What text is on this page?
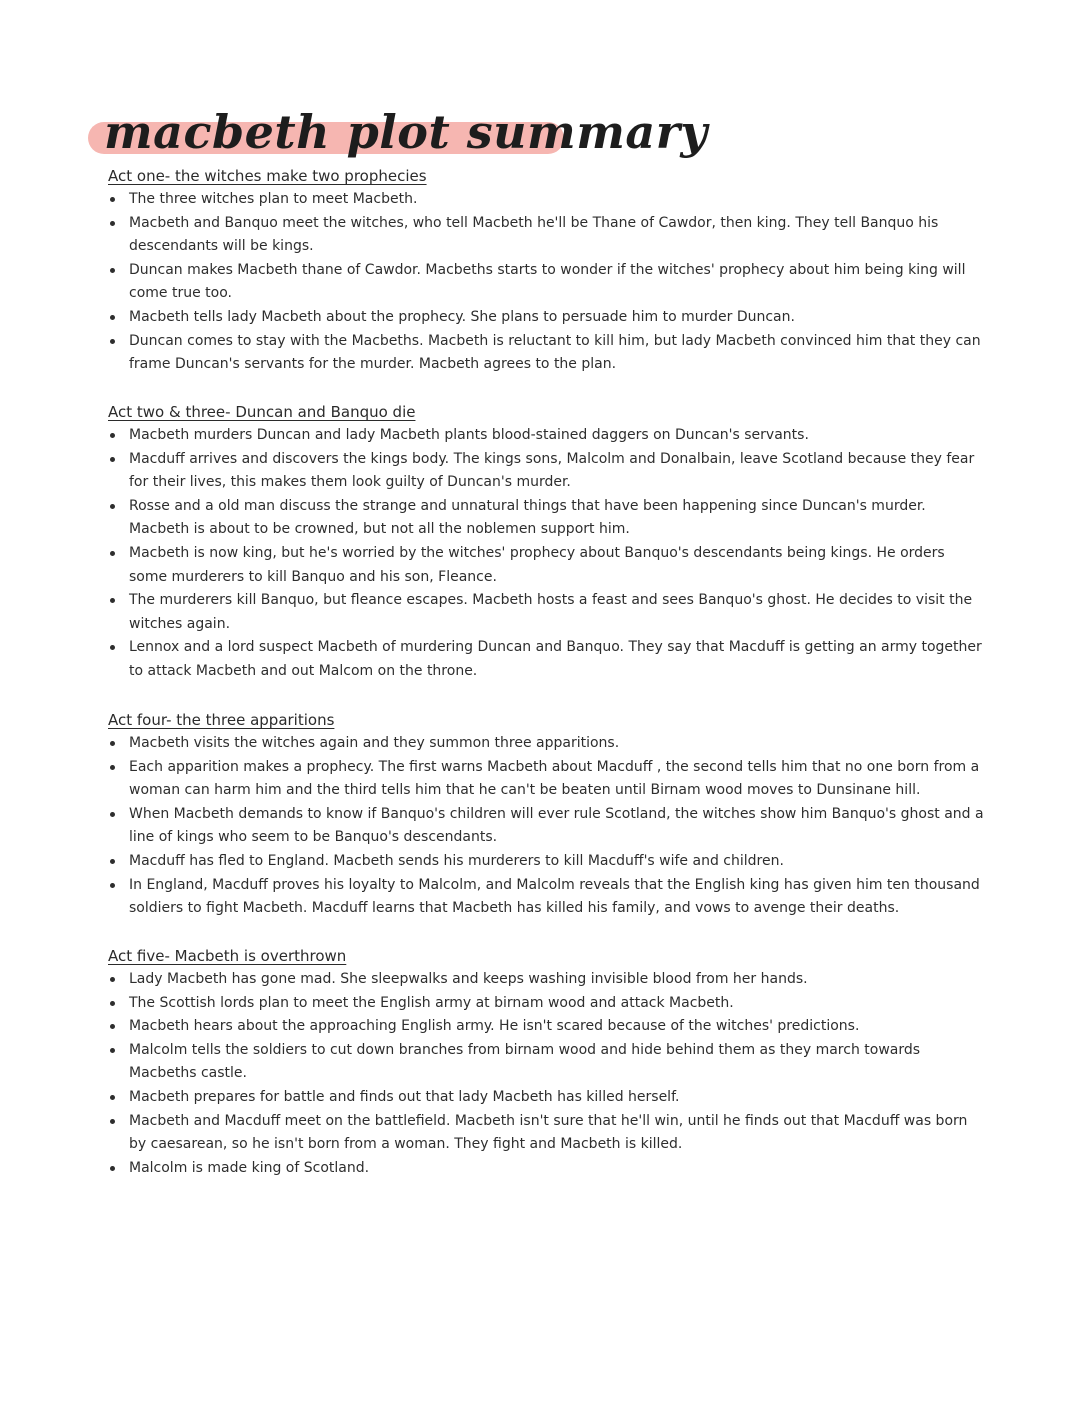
macbeth plot summary
Act one- the witches make two prophecies
The three witches plan to meet Macbeth.
Macbeth and Banquo meet the witches, who tell Macbeth he'll be Thane of Cawdor, then king. They tell Banquo his descendants will be kings.
Duncan makes Macbeth thane of Cawdor. Macbeths starts to wonder if the witches' prophecy about him being king will come true too.
Macbeth tells lady Macbeth about the prophecy. She plans to persuade him to murder Duncan.
Duncan comes to stay with the Macbeths. Macbeth is reluctant to kill him, but lady Macbeth convinced him that they can frame Duncan's servants for the murder. Macbeth agrees to the plan.
Act two & three- Duncan and Banquo die
Macbeth murders Duncan and lady Macbeth plants blood-stained daggers on Duncan's servants.
Macduff arrives and discovers the kings body. The kings sons, Malcolm and Donalbain, leave Scotland because they fear for their lives, this makes them look guilty of Duncan's murder.
Rosse and a old man discuss the strange and unnatural things that have been happening since Duncan's murder. Macbeth is about to be crowned, but not all the noblemen support him.
Macbeth is now king, but he's worried by the witches' prophecy about Banquo's descendants being kings. He orders some murderers to kill Banquo and his son, Fleance.
The murderers kill Banquo, but fleance escapes. Macbeth hosts a feast and sees Banquo's ghost. He decides to visit the witches again.
Lennox and a lord suspect Macbeth of murdering Duncan and Banquo. They say that Macduff is getting an army together to attack Macbeth and out Malcom on the throne.
Act four- the three apparitions
Macbeth visits the witches again and they summon three apparitions.
Each apparition makes a prophecy. The first warns Macbeth about Macduff , the second tells him that no one born from a woman can harm him and the third tells him that he can't be beaten until Birnam wood moves to Dunsinane hill.
When Macbeth demands to know if Banquo's children will ever rule Scotland, the witches show him Banquo's ghost and a line of kings who seem to be Banquo's descendants.
Macduff has fled to England. Macbeth sends his murderers to kill Macduff's wife and children.
In England, Macduff proves his loyalty to Malcolm, and Malcolm reveals that the English king has given him ten thousand soldiers to fight Macbeth. Macduff learns that Macbeth has killed his family, and vows to avenge their deaths.
Act five- Macbeth is overthrown
Lady Macbeth has gone mad. She sleepwalks and keeps washing invisible blood from her hands.
The Scottish lords plan to meet the English army at birnam wood and attack Macbeth.
Macbeth hears about the approaching English army. He isn't scared because of the witches' predictions.
Malcolm tells the soldiers to cut down branches from birnam wood and hide behind them as they march towards Macbeths castle.
Macbeth prepares for battle and finds out that lady Macbeth has killed herself.
Macbeth and Macduff meet on the battlefield. Macbeth isn't sure that he'll win, until he finds out that Macduff was born by caesarean, so he isn't born from a woman. They fight and Macbeth is killed.
Malcolm is made king of Scotland.
